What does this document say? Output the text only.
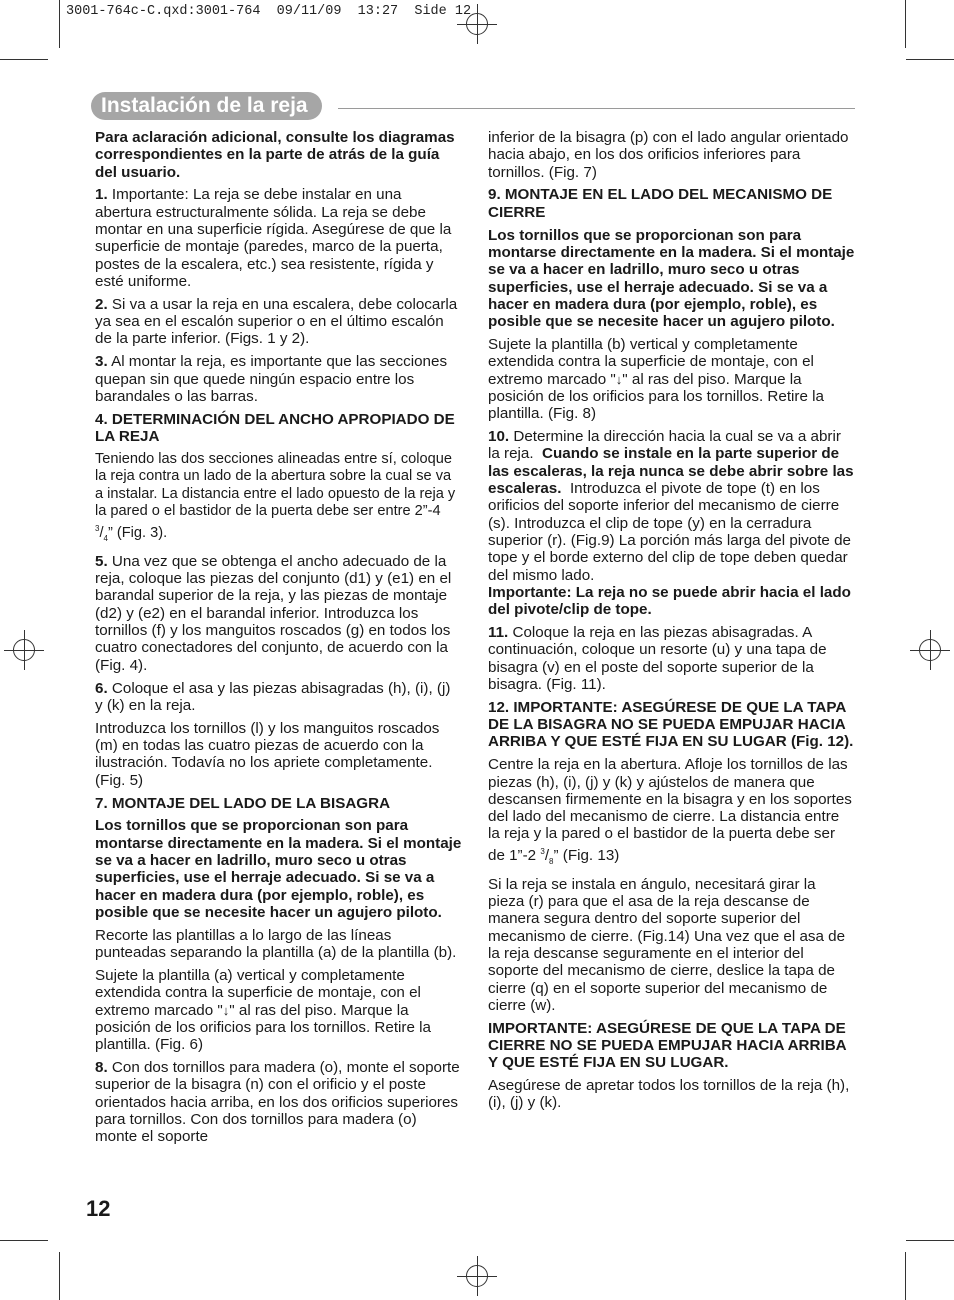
3001-764c-C.qxd:3001-764  09/11/09  13:27  Side 12
Instalación de la reja

Para aclaración adicional, consulte los diagramas correspondientes en la parte de atrás de la guía del usuario.

1. Importante: La reja se debe instalar en una abertura estructuralmente sólida. La reja se debe montar en una superficie rígida. Asegúrese de que la superficie de montaje (paredes, marco de la puerta, postes de la escalera, etc.) sea resistente, rígida y esté uniforme.

2. Si va a usar la reja en una escalera, debe colocarla ya sea en el escalón superior o en el último escalón de la parte inferior. (Figs. 1 y 2).

3. Al montar la reja, es importante que las secciones quepan sin que quede ningún espacio entre los barandales o las barras.

4. DETERMINACIÓN DEL ANCHO APROPIADO DE LA REJA

Teniendo las dos secciones alineadas entre sí, coloque la reja contra un lado de la abertura sobre la cual se va a instalar. La distancia entre el lado opuesto de la reja y la pared o el bastidor de la puerta debe ser entre 2”-4 $^3/_4$” (Fig. 3).

5. Una vez que se obtenga el ancho adecuado de la reja, coloque las piezas del conjunto (d1) y (e1) en el barandal superior de la reja, y las piezas de montaje (d2) y (e2) en el barandal inferior. Introduzca los tornillos (f) y los manguitos roscados (g) en todos los cuatro conectadores del conjunto, de acuerdo con la (Fig. 4).

6. Coloque el asa y las piezas abisagradas (h), (i), (j) y (k) en la reja.

Introduzca los tornillos (l) y los manguitos roscados (m) en todas las cuatro piezas de acuerdo con la ilustración. Todavía no los apriete completamente. (Fig. 5)

7. MONTAJE DEL LADO DE LA BISAGRA

Los tornillos que se proporcionan son para montarse directamente en la madera. Si el montaje se va a hacer en ladrillo, muro seco u otras superficies, use el herraje adecuado. Si se va a hacer en madera dura (por ejemplo, roble), es posible que se necesite hacer un agujero piloto.

Recorte las plantillas a lo largo de las líneas punteadas separando la plantilla (a) de la plantilla (b).

Sujete la plantilla (a) vertical y completamente extendida contra la superficie de montaje, con el extremo marcado "↓" al ras del piso. Marque la posición de los orificios para los tornillos. Retire la plantilla. (Fig. 6)

8. Con dos tornillos para madera (o), monte el soporte superior de la bisagra (n) con el orificio y el poste orientados hacia arriba, en los dos orificios superiores para tornillos. Con dos tornillos para madera (o) monte el soporte

inferior de la bisagra (p) con el lado angular orientado hacia abajo, en los dos orificios inferiores para tornillos. (Fig. 7)

9. MONTAJE EN EL LADO DEL MECANISMO DE CIERRE

Los tornillos que se proporcionan son para montarse directamente en la madera. Si el montaje se va a hacer en ladrillo, muro seco u otras superficies, use el herraje adecuado. Si se va a hacer en madera dura (por ejemplo, roble), es posible que se necesite hacer un agujero piloto.

Sujete la plantilla (b) vertical y completamente extendida contra la superficie de montaje, con el extremo marcado "↓" al ras del piso. Marque la posición de los orificios para los tornillos. Retire la plantilla. (Fig. 8)

10. Determine la dirección hacia la cual se va a abrir la reja. Cuando se instale en la parte superior de las escaleras, la reja nunca se debe abrir sobre las escaleras. Introduzca el pivote de tope (t) en los orificios del soporte inferior del mecanismo de cierre (s). Introduzca el clip de tope (y) en la cerradura superior (r). (Fig.9) La porción más larga del pivote de tope y el borde externo del clip de tope deben quedar del mismo lado.

Importante: La reja no se puede abrir hacia el lado del pivote/clip de tope.

11. Coloque la reja en las piezas abisagradas. A continuación, coloque un resorte (u) y una tapa de bisagra (v) en el poste del soporte superior de la bisagra. (Fig. 11).

12. IMPORTANTE: ASEGÚRESE DE QUE LA TAPA DE LA BISAGRA NO SE PUEDA EMPUJAR HACIA ARRIBA Y QUE ESTÉ FIJA EN SU LUGAR (Fig. 12).

Centre la reja en la abertura. Afloje los tornillos de las piezas (h), (i), (j) y (k) y ajústelos de manera que descansen firmemente en la bisagra y en los soportes del lado del mecanismo de cierre. La distancia entre la reja y la pared o el bastidor de la puerta debe ser de 1”-2 $^3/_8$” (Fig. 13)

Si la reja se instala en ángulo, necesitará girar la pieza (r) para que el asa de la reja descanse de manera segura dentro del soporte superior del mecanismo de cierre. (Fig.14) Una vez que el asa de la reja descanse seguramente en el interior del soporte del mecanismo de cierre, deslice la tapa de cierre (q) en el soporte superior del mecanismo de cierre (w).

IMPORTANTE: ASEGÚRESE DE QUE LA TAPA DE CIERRE NO SE PUEDA EMPUJAR HACIA ARRIBA Y QUE ESTÉ FIJA EN SU LUGAR.

Asegúrese de apretar todos los tornillos de la reja (h), (i), (j) y (k).

12
